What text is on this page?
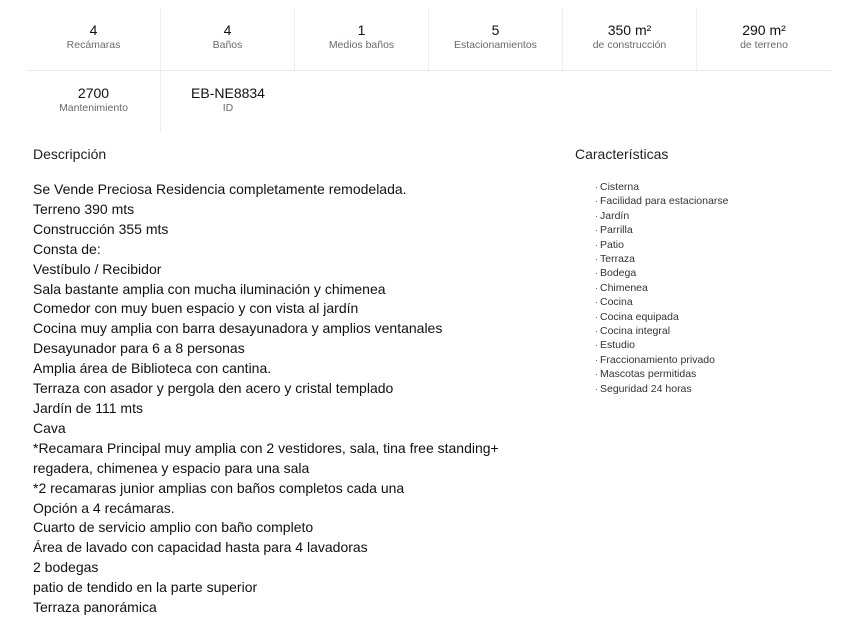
4
Recámaras
4
Baños
1
Medios baños
5
Estacionamientos
350 m²
de construcción
290 m²
de terreno
2700
Mantenimiento
EB-NE8834
ID
Descripción
Se Vende Preciosa Residencia completamente remodelada.
Terreno 390 mts
Construcción 355 mts
Consta de:
Vestíbulo / Recibidor
Sala bastante amplia con mucha iluminación y chimenea
Comedor con muy buen espacio y con vista al jardín
Cocina muy amplia con barra desayunadora y amplios ventanales
Desayunador para 6 a 8 personas
Amplia área de Biblioteca con cantina.
Terraza con asador y pergola den acero y cristal templado
Jardín de 111 mts
Cava
*Recamara Principal muy amplia con 2 vestidores, sala, tina free standing+
regadera, chimenea y espacio para una sala
*2 recamaras junior amplias con baños completos cada una
Opción a 4 recámaras.
Cuarto de servicio amplio con baño completo
Área de lavado con capacidad hasta para 4 lavadoras
2 bodegas
patio de tendido en la parte superior
Terraza panorámica
Características
· Cisterna
· Facilidad para estacionarse
· Jardín
· Parrilla
· Patio
· Terraza
· Bodega
· Chimenea
· Cocina
· Cocina equipada
· Cocina integral
· Estudio
· Fraccionamiento privado
· Mascotas permitidas
· Seguridad 24 horas
